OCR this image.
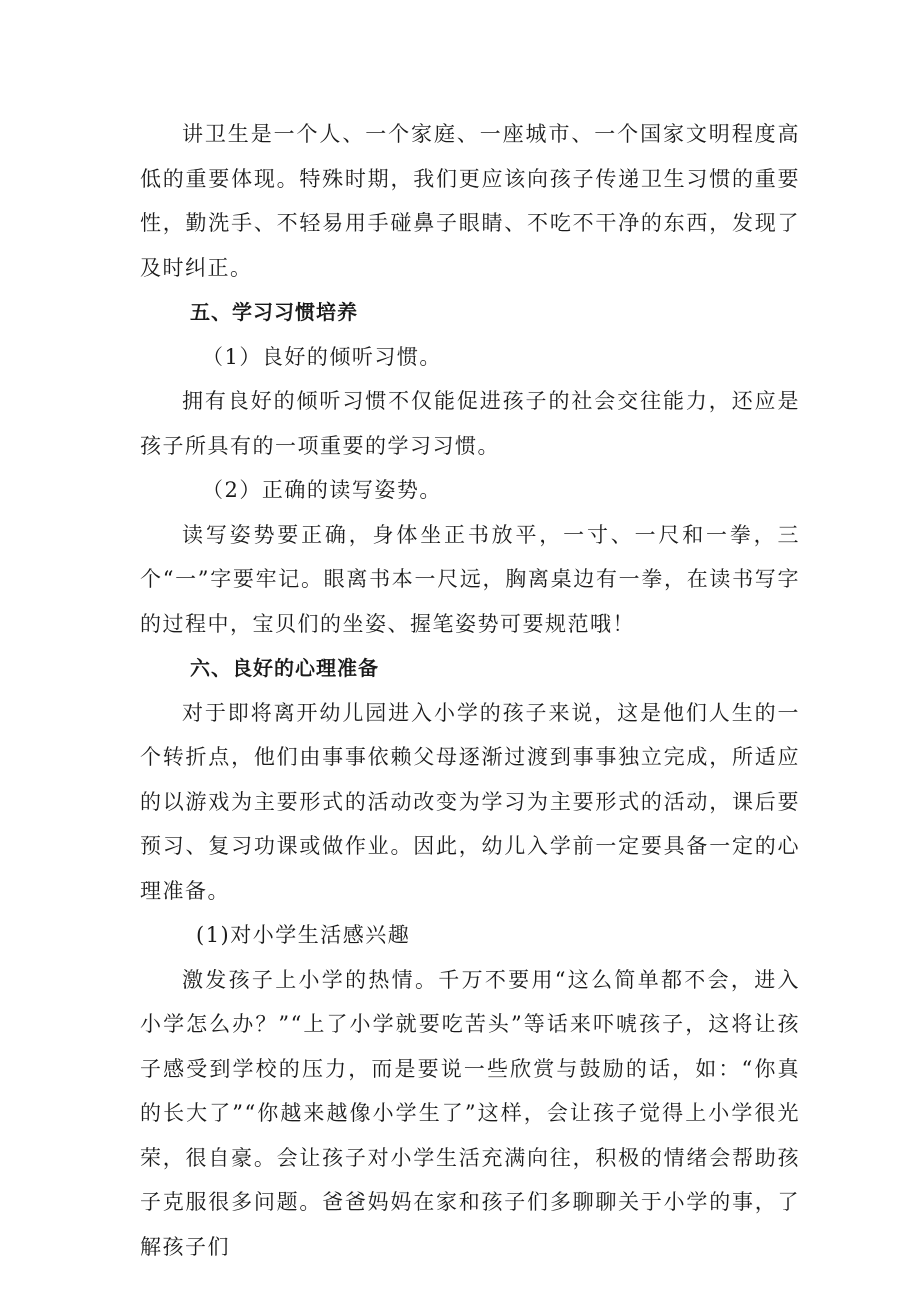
讲卫生是一个人、一个家庭、一座城市、一个国家文明程度高低的重要体现。特殊时期，我们更应该向孩子传递卫生习惯的重要性，勤洗手、不轻易用手碰鼻子眼睛、不吃不干净的东西，发现了及时纠正。

五、学习习惯培养

（1）良好的倾听习惯。

拥有良好的倾听习惯不仅能促进孩子的社会交往能力，还应是孩子所具有的一项重要的学习习惯。

（2）正确的读写姿势。

读写姿势要正确，身体坐正书放平，一寸、一尺和一拳，三个“一”字要牢记。眼离书本一尺远，胸离桌边有一拳，在读书写字的过程中，宝贝们的坐姿、握笔姿势可要规范哦！

六、良好的心理准备

对于即将离开幼儿园进入小学的孩子来说，这是他们人生的一个转折点，他们由事事依赖父母逐渐过渡到事事独立完成，所适应的以游戏为主要形式的活动改变为学习为主要形式的活动，课后要预习、复习功课或做作业。因此，幼儿入学前一定要具备一定的心理准备。

(1)对小学生活感兴趣

激发孩子上小学的热情。千万不要用“这么简单都不会，进入小学怎么办？”“上了小学就要吃苦头”等话来吓唬孩子，这将让孩子感受到学校的压力，而是要说一些欣赏与鼓励的话，如：“你真的长大了”“你越来越像小学生了”这样，会让孩子觉得上小学很光荣，很自豪。会让孩子对小学生活充满向往，积极的情绪会帮助孩子克服很多问题。爸爸妈妈在家和孩子们多聊聊关于小学的事，了解孩子们
